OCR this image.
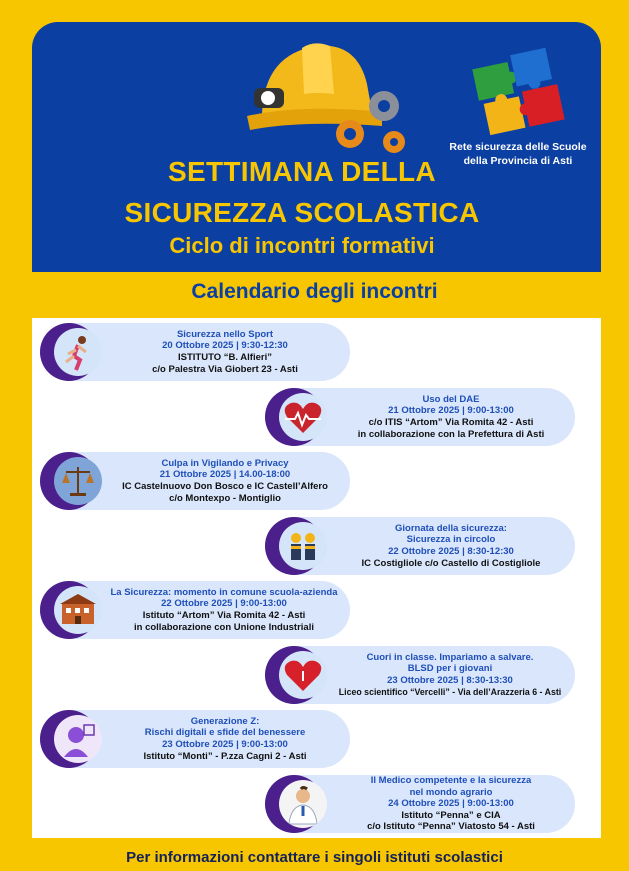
SETTIMANA DELLA
SICUREZZA SCOLASTICA
Ciclo di incontri formativi
Rete sicurezza delle Scuole
della Provincia di Asti
Calendario degli incontri
Sicurezza nello Sport
20 Ottobre 2025 | 9:30-12:30
ISTITUTO “B. Alfieri”
c/o Palestra Via Giobert 23 - Asti
Uso del DAE
21 Ottobre 2025 | 9:00-13:00
c/o ITIS “Artom” Via Romita 42 - Asti
in collaborazione con la Prefettura di Asti
Culpa in Vigilando e Privacy
21 Ottobre 2025 | 14.00-18:00
IC Castelnuovo Don Bosco e IC Castell’Alfero
c/o Montexpo - Montiglio
Giornata della sicurezza:
Sicurezza in circolo
22 Ottobre 2025 | 8:30-12:30
IC Costigliole c/o Castello di Costigliole
La Sicurezza: momento in comune scuola-azienda
22 Ottobre 2025 | 9:00-13:00
Istituto “Artom” Via Romita 42 - Asti
in collaborazione con Unione Industriali
Cuori in classe. Impariamo a salvare.
BLSD per i giovani
23 Ottobre 2025 | 8:30-13:30
Liceo scientifico “Vercelli” - Via dell’Arazzeria 6 - Asti
Generazione Z:
Rischi digitali e sfide del benessere
23 Ottobre 2025 | 9:00-13:00
Istituto “Monti” - P.zza Cagni 2 - Asti
Il Medico competente e la sicurezza
nel mondo agrario
24 Ottobre 2025 | 9:00-13:00
Istituto “Penna” e CIA
c/o Istituto “Penna” Viatosto 54 - Asti
Per informazioni contattare i singoli istituti scolastici
